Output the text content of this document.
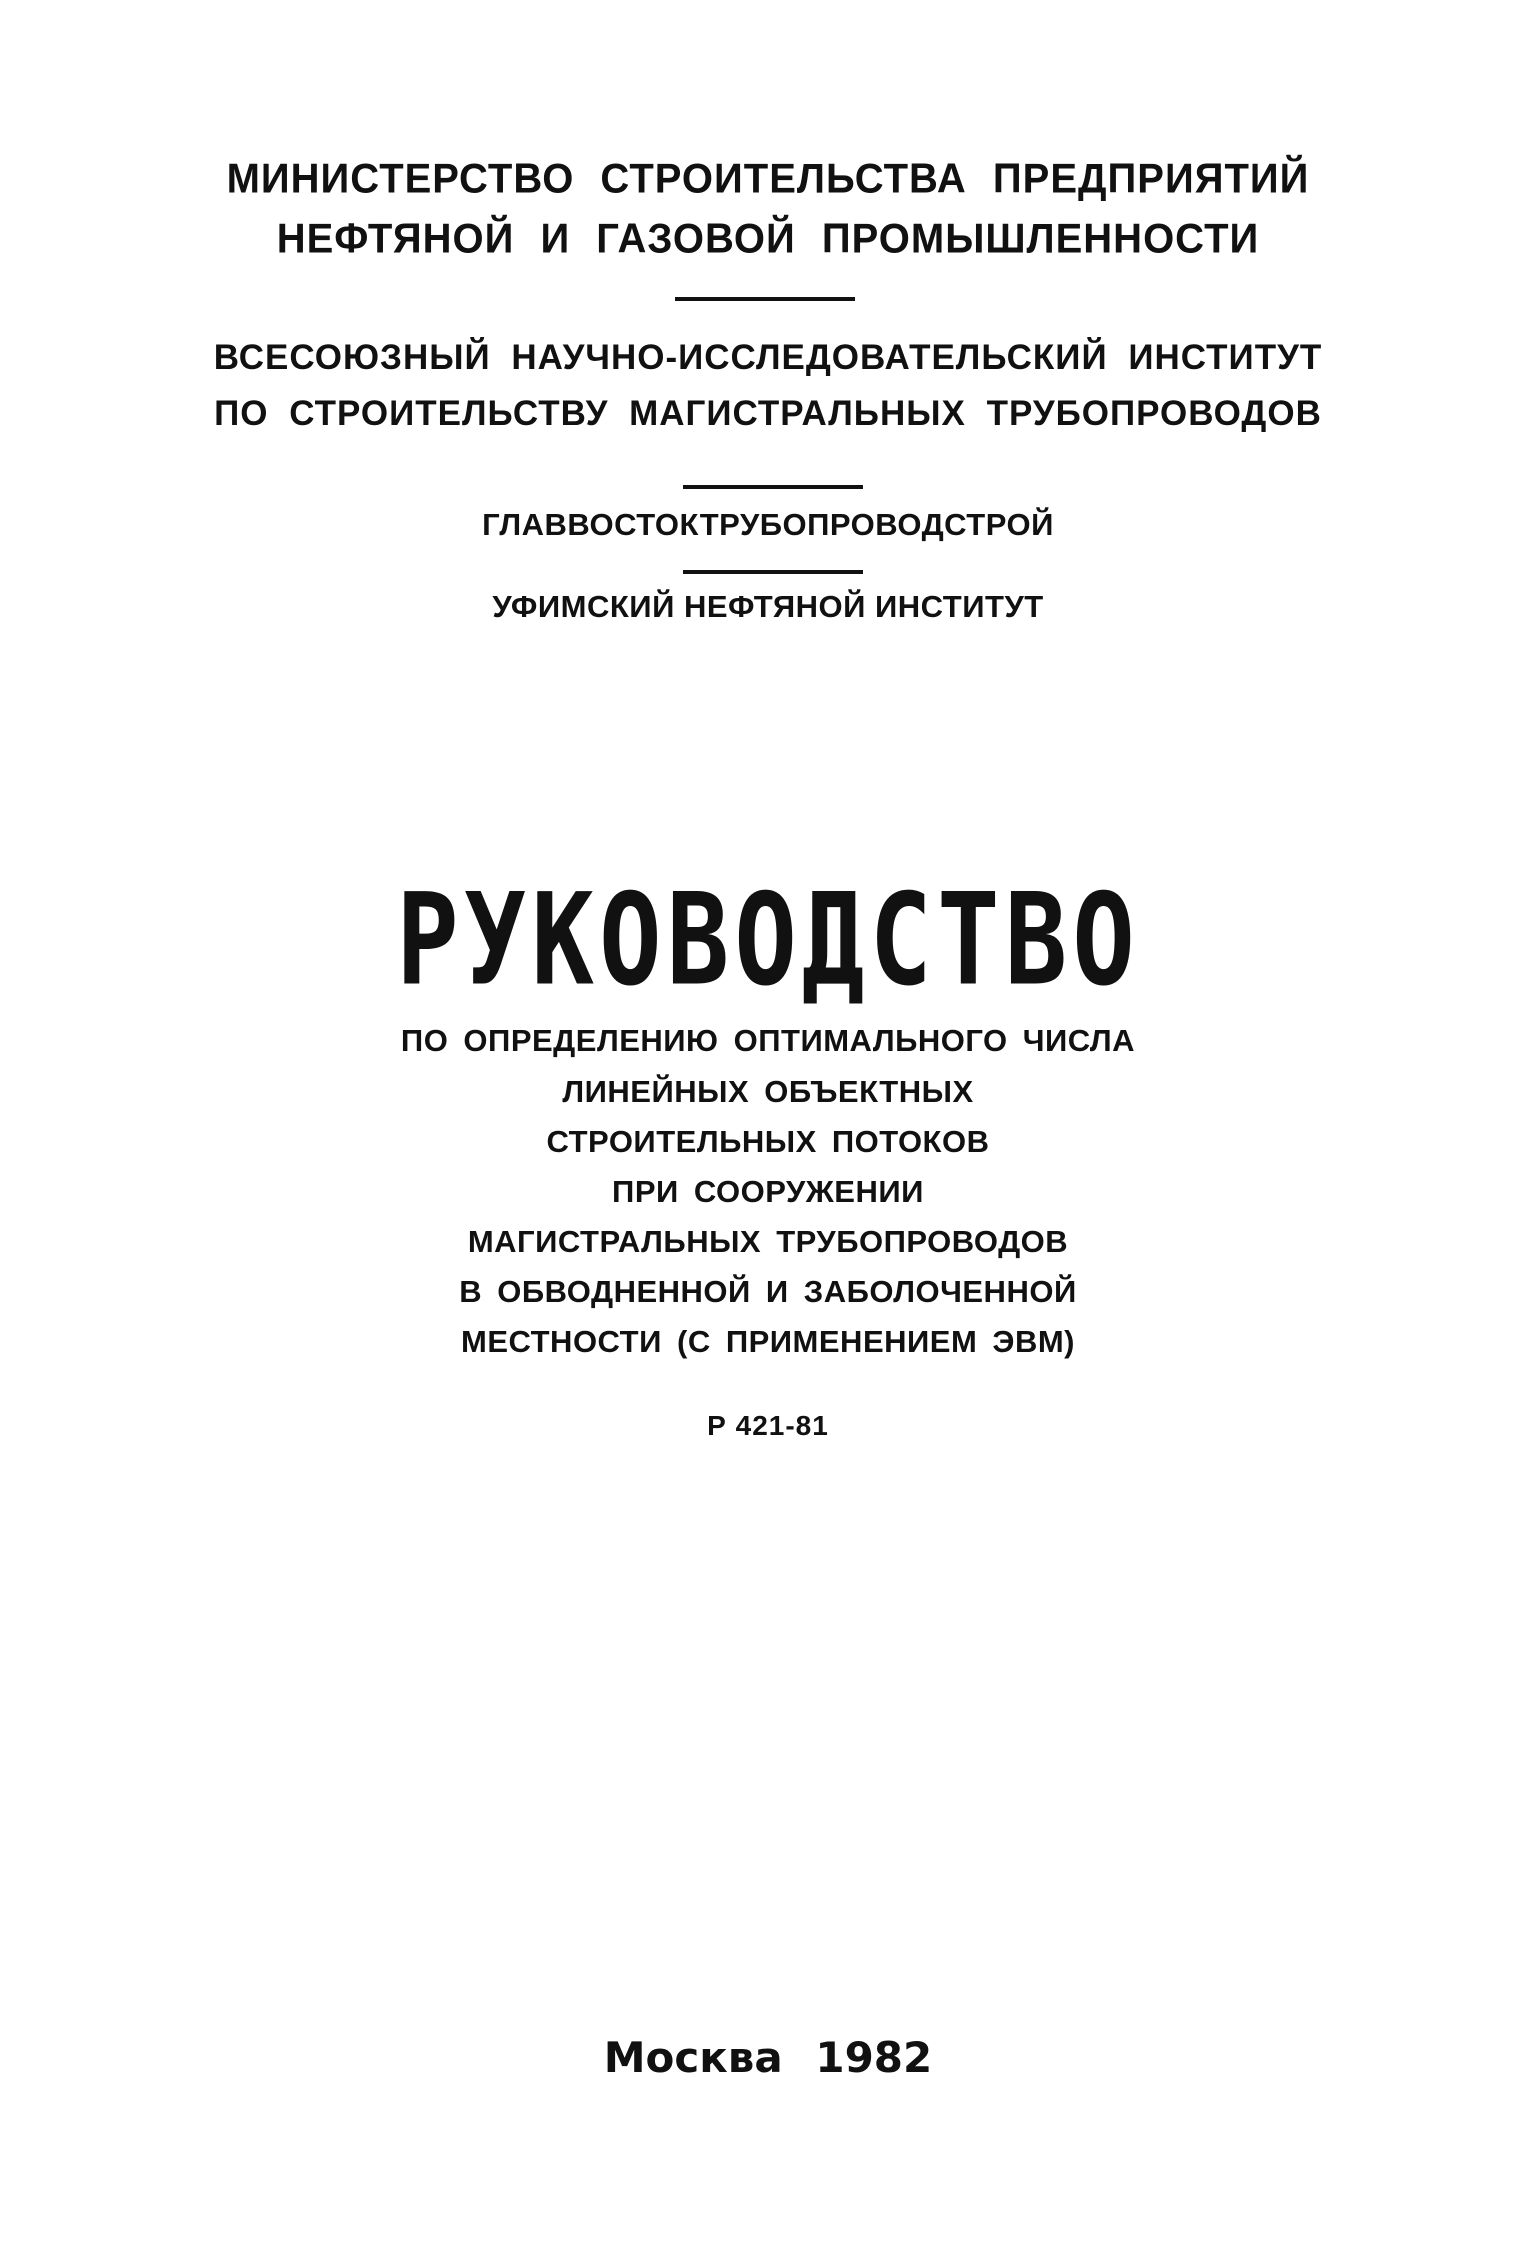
МИНИСТЕРСТВО СТРОИТЕЛЬСТВА ПРЕДПРИЯТИЙ
НЕФТЯНОЙ И ГАЗОВОЙ ПРОМЫШЛЕННОСТИ
ВСЕСОЮЗНЫЙ НАУЧНО-ИССЛЕДОВАТЕЛЬСКИЙ ИНСТИТУТ
ПО СТРОИТЕЛЬСТВУ МАГИСТРАЛЬНЫХ ТРУБОПРОВОДОВ
ГЛАВВОСТОКТРУБОПРОВОДСТРОЙ
УФИМСКИЙ НЕФТЯНОЙ ИНСТИТУТ
РУКОВОДСТВО
ПО ОПРЕДЕЛЕНИЮ ОПТИМАЛЬНОГО ЧИСЛА
ЛИНЕЙНЫХ ОБЪЕКТНЫХ
СТРОИТЕЛЬНЫХ ПОТОКОВ
ПРИ СООРУЖЕНИИ
МАГИСТРАЛЬНЫХ ТРУБОПРОВОДОВ
В ОБВОДНЕННОЙ И ЗАБОЛОЧЕННОЙ
МЕСТНОСТИ (С ПРИМЕНЕНИЕМ ЭВМ)
Р 421-81
Москва 1982
